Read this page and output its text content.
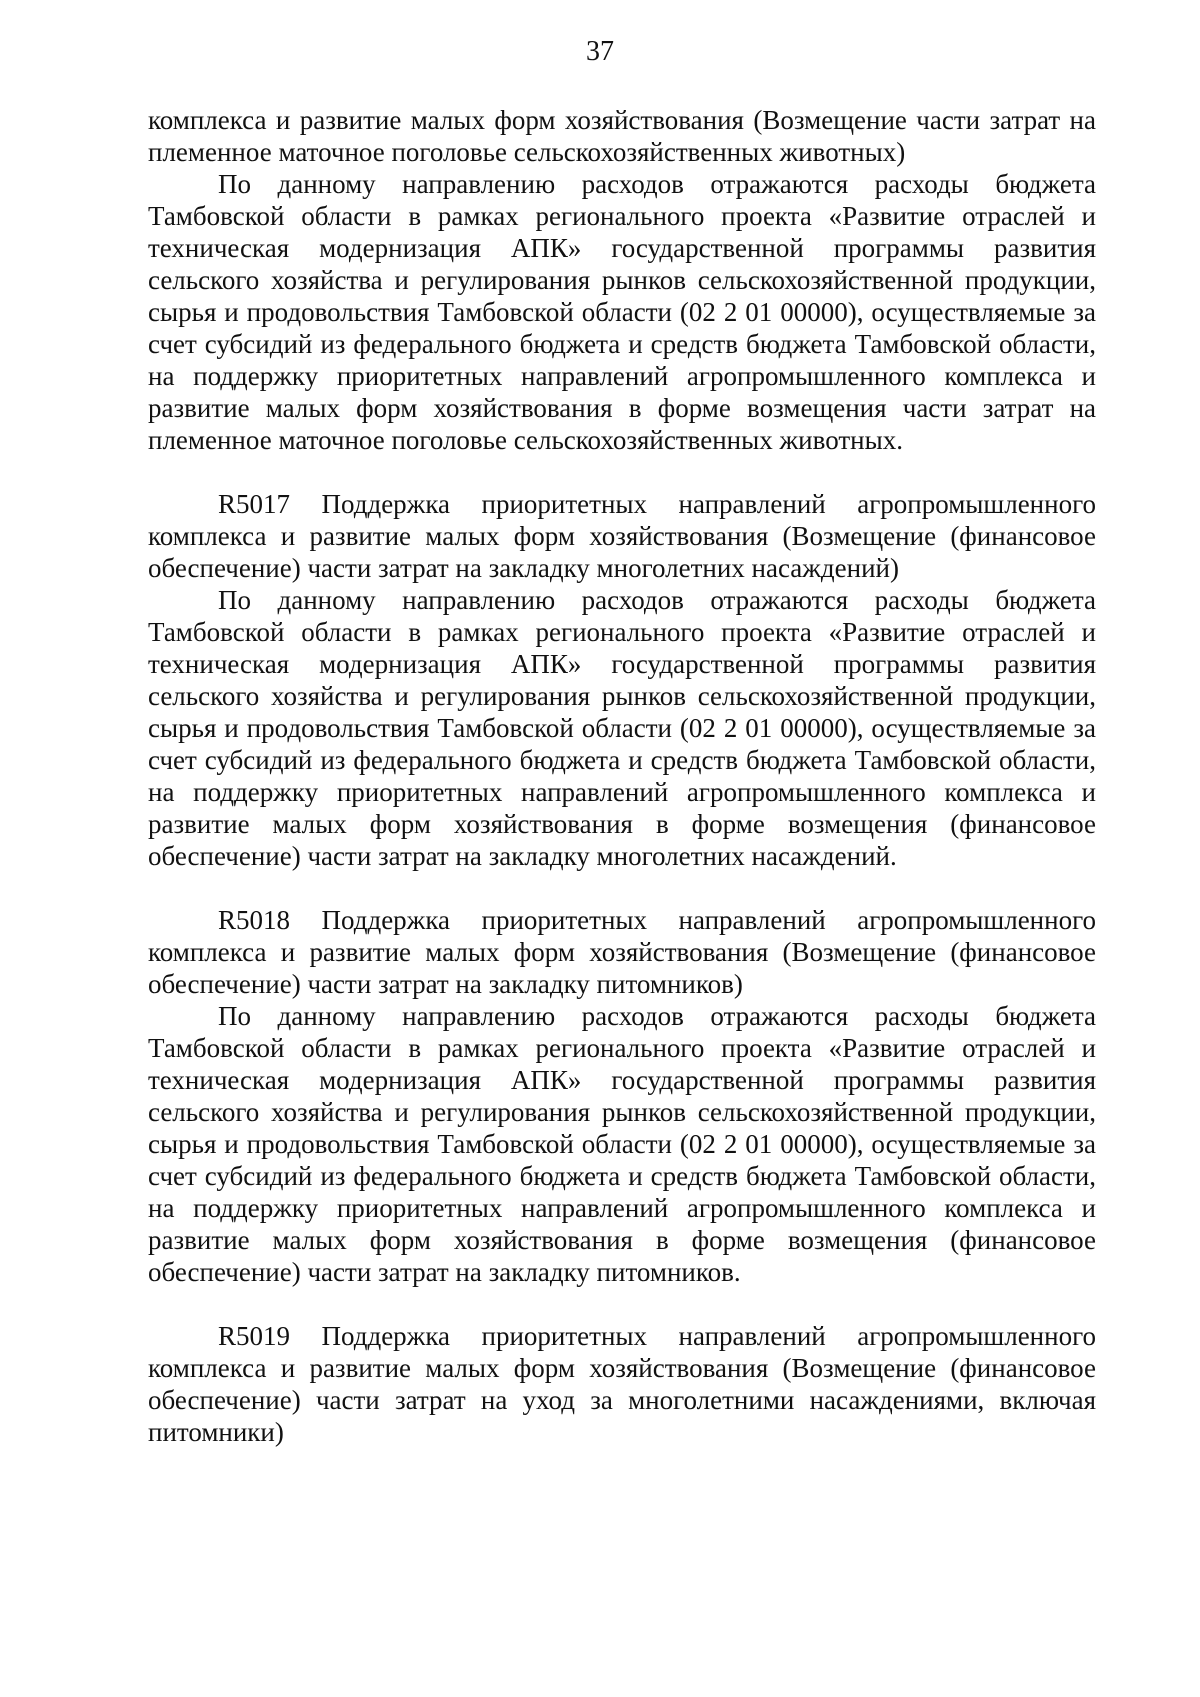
37

комплекса и развитие малых форм хозяйствования (Возмещение части затрат на племенное маточное поголовье сельскохозяйственных животных)

По данному направлению расходов отражаются расходы бюджета Тамбовской области в рамках регионального проекта «Развитие отраслей и техническая модернизация АПК» государственной программы развития сельского хозяйства и регулирования рынков сельскохозяйственной продукции, сырья и продовольствия Тамбовской области (02 2 01 00000), осуществляемые за счет субсидий из федерального бюджета и средств бюджета Тамбовской области, на поддержку приоритетных направлений агропромышленного комплекса и развитие малых форм хозяйствования в форме возмещения части затрат на племенное маточное поголовье сельскохозяйственных животных.

R5017 Поддержка приоритетных направлений агропромышленного комплекса и развитие малых форм хозяйствования (Возмещение (финансовое обеспечение) части затрат на закладку многолетних насаждений)

По данному направлению расходов отражаются расходы бюджета Тамбовской области в рамках регионального проекта «Развитие отраслей и техническая модернизация АПК» государственной программы развития сельского хозяйства и регулирования рынков сельскохозяйственной продукции, сырья и продовольствия Тамбовской области (02 2 01 00000), осуществляемые за счет субсидий из федерального бюджета и средств бюджета Тамбовской области, на поддержку приоритетных направлений агропромышленного комплекса и развитие малых форм хозяйствования в форме возмещения (финансовое обеспечение) части затрат на закладку многолетних насаждений.

R5018 Поддержка приоритетных направлений агропромышленного комплекса и развитие малых форм хозяйствования (Возмещение (финансовое обеспечение) части затрат на закладку питомников)

По данному направлению расходов отражаются расходы бюджета Тамбовской области в рамках регионального проекта «Развитие отраслей и техническая модернизация АПК» государственной программы развития сельского хозяйства и регулирования рынков сельскохозяйственной продукции, сырья и продовольствия Тамбовской области (02 2 01 00000), осуществляемые за счет субсидий из федерального бюджета и средств бюджета Тамбовской области, на поддержку приоритетных направлений агропромышленного комплекса и развитие малых форм хозяйствования в форме возмещения (финансовое обеспечение) части затрат на закладку питомников.

R5019 Поддержка приоритетных направлений агропромышленного комплекса и развитие малых форм хозяйствования (Возмещение (финансовое обеспечение) части затрат на уход за многолетними насаждениями, включая питомники)
